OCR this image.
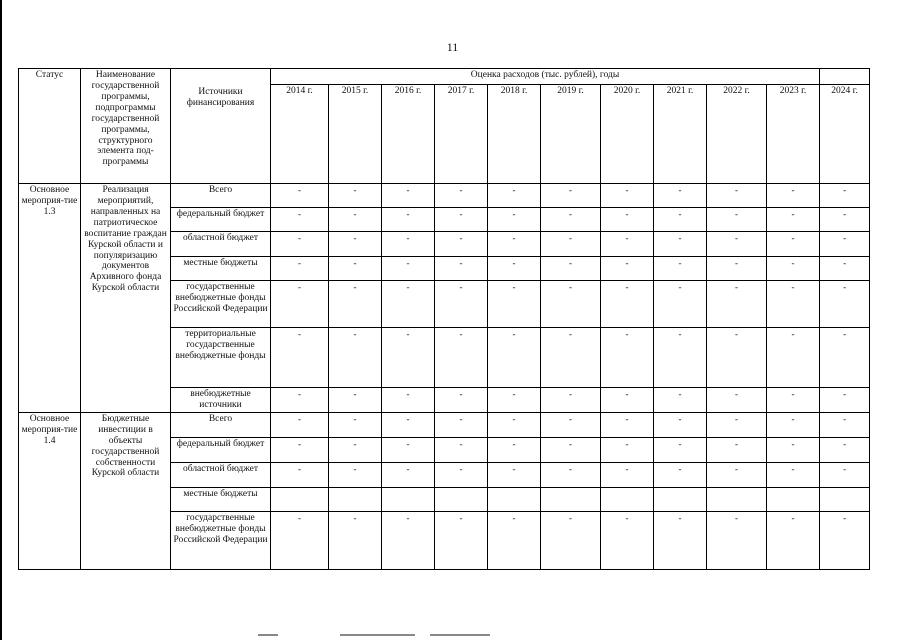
11
Статус	Наименование государственной программы, подпрограммы государственной программы, структурного элемента под-программы	Источники финансирования	Оценка расходов (тыс. рублей), годы										
			2014 г.	2015 г.	2016 г.	2017 г.	2018 г.	2019 г.	2020 г.	2021 г.	2022 г.	2023 г.	2024 г.
Основное мероприя-тие 1.3	Реализация мероприятий, направленных на патриотическое воспитание граждан Курской области и популяризацию документов Архивного фонда Курской области	Всего	-	-	-	-	-	-	-	-	-	-	-
		федеральный бюджет	-	-	-	-	-	-	-	-	-	-	-
		областной бюджет	-	-	-	-	-	-	-	-	-	-	-
		местные бюджеты	-	-	-	-	-	-	-	-	-	-	-
		государственные внебюджетные фонды Российской Федерации	-	-	-	-	-	-	-	-	-	-	-
		территориальные государственные внебюджетные фонды	-	-	-	-	-	-	-	-	-	-	-
		внебюджетные источники	-	-	-	-	-	-	-	-	-	-	-
Основное мероприя-тие 1.4	Бюджетные инвестиции в объекты государственной собственности Курской области	Всего	-	-	-	-	-	-	-	-	-	-	-
		федеральный бюджет	-	-	-	-	-	-	-	-	-	-	-
		областной бюджет	-	-	-	-	-	-	-	-	-	-	-
		местные бюджеты											
		государственные внебюджетные фонды Российской Федерации	-	-	-	-	-	-	-	-	-	-	-
